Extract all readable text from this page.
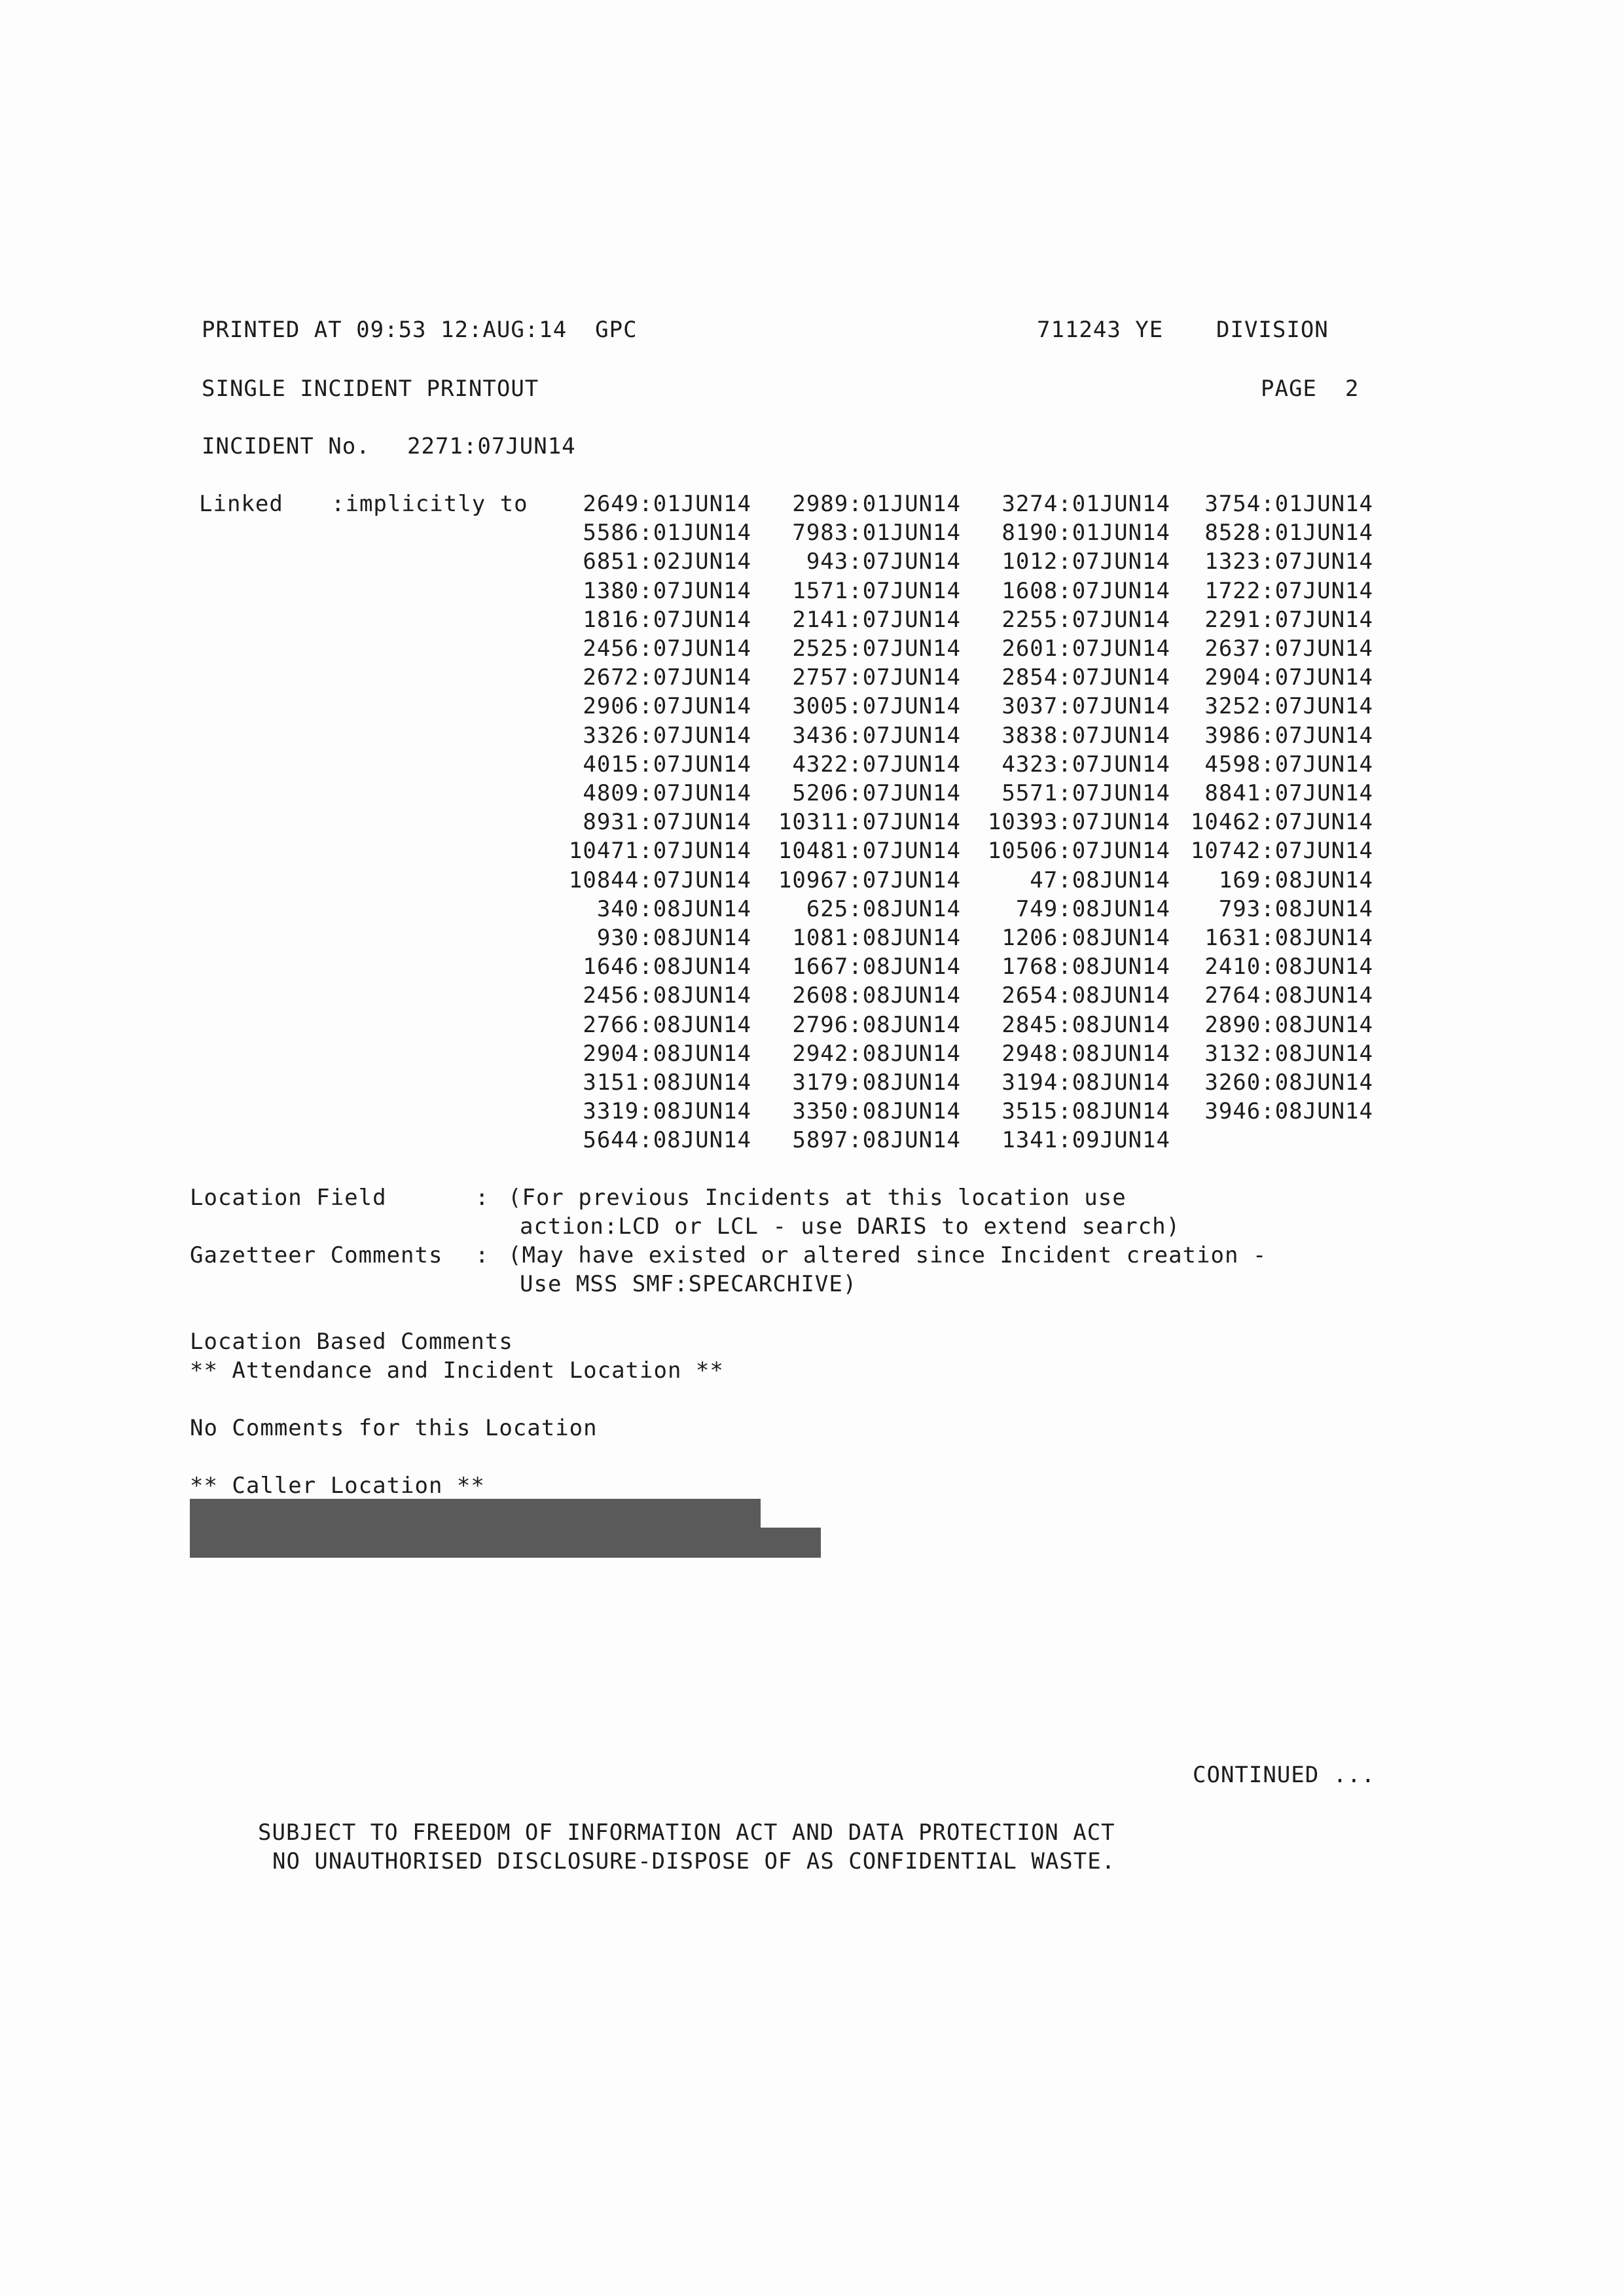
PRINTED AT 09:53 12:AUG:14  GPC	711243 YE DIVISION
SINGLE INCIDENT PRINTOUT	PAGE  2
INCIDENT No. 2271:07JUN14
Linked :implicitly to	2649:01JUN14	2989:01JUN14	3274:01JUN14	3754:01JUN14
5586:01JUN14	7983:01JUN14	8190:01JUN14	8528:01JUN14
6851:02JUN14	943:07JUN14	1012:07JUN14	1323:07JUN14
1380:07JUN14	1571:07JUN14	1608:07JUN14	1722:07JUN14
1816:07JUN14	2141:07JUN14	2255:07JUN14	2291:07JUN14
2456:07JUN14	2525:07JUN14	2601:07JUN14	2637:07JUN14
2672:07JUN14	2757:07JUN14	2854:07JUN14	2904:07JUN14
2906:07JUN14	3005:07JUN14	3037:07JUN14	3252:07JUN14
3326:07JUN14	3436:07JUN14	3838:07JUN14	3986:07JUN14
4015:07JUN14	4322:07JUN14	4323:07JUN14	4598:07JUN14
4809:07JUN14	5206:07JUN14	5571:07JUN14	8841:07JUN14
8931:07JUN14	10311:07JUN14	10393:07JUN14 10462:07JUN14
10471:07JUN14	10481:07JUN14	10506:07JUN14 10742:07JUN14
10844:07JUN14	10967:07JUN14	47:08JUN14	169:08JUN14
340:08JUN14	625:08JUN14	749:08JUN14	793:08JUN14
930:08JUN14	1081:08JUN14	1206:08JUN14	1631:08JUN14
1646:08JUN14	1667:08JUN14	1768:08JUN14	2410:08JUN14
2456:08JUN14	2608:08JUN14	2654:08JUN14	2764:08JUN14
2766:08JUN14	2796:08JUN14	2845:08JUN14	2890:08JUN14
2904:08JUN14	2942:08JUN14	2948:08JUN14	3132:08JUN14
3151:08JUN14	3179:08JUN14	3194:08JUN14	3260:08JUN14
3319:08JUN14	3350:08JUN14	3515:08JUN14	3946:08JUN14
5644:08JUN14	5897:08JUN14	1341:09JUN14
Location Field	: (For previous Incidents at this location use
action:LCD or LCL - use DARIS to extend search)
Gazetteer Comments : (May have existed or altered since Incident creation -
Use MSS SMF:SPECARCHIVE)
Location Based Comments
** Attendance and Incident Location **
No Comments for this Location
** Caller Location **
CONTINUED ...
SUBJECT TO FREEDOM OF INFORMATION ACT AND DATA PROTECTION ACT
NO UNAUTHORISED DISCLOSURE-DISPOSE OF AS CONFIDENTIAL WASTE.
